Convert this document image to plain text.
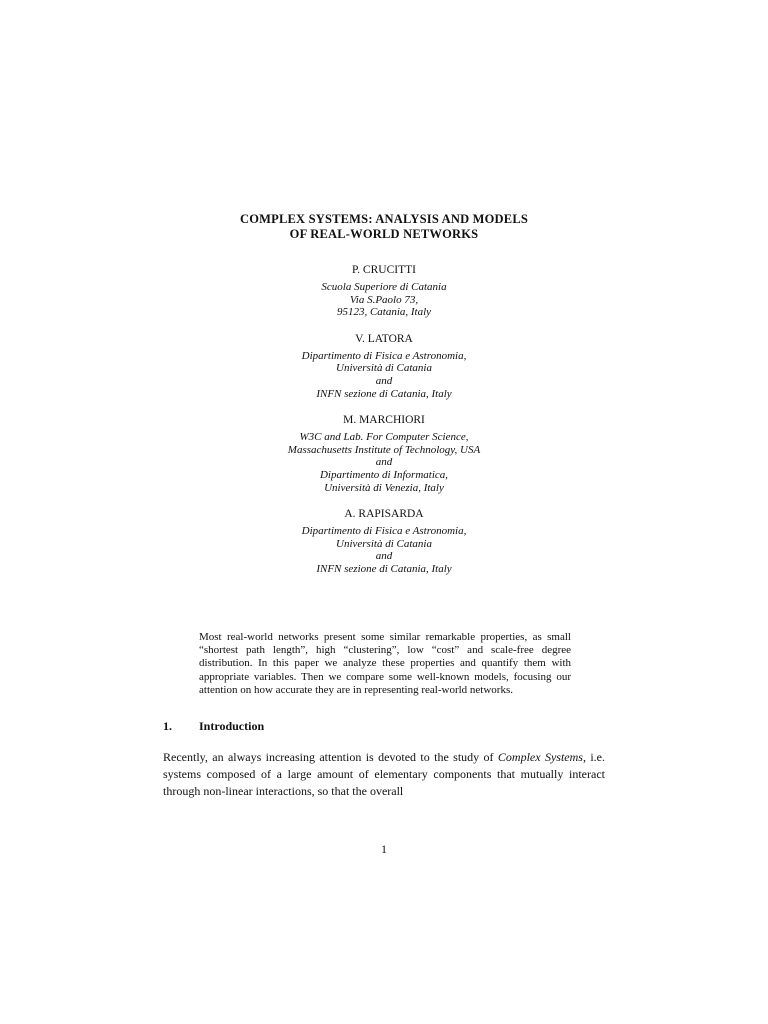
COMPLEX SYSTEMS: ANALYSIS AND MODELS
OF REAL-WORLD NETWORKS
P. CRUCITTI
Scuola Superiore di Catania
Via S.Paolo 73,
95123, Catania, Italy
V. LATORA
Dipartimento di Fisica e Astronomia,
Università di Catania
and
INFN sezione di Catania, Italy
M. MARCHIORI
W3C and Lab. For Computer Science,
Massachusetts Institute of Technology, USA
and
Dipartimento di Informatica,
Università di Venezia, Italy
A. RAPISARDA
Dipartimento di Fisica e Astronomia,
Università di Catania
and
INFN sezione di Catania, Italy
Most real-world networks present some similar remarkable properties, as small “shortest path length”, high “clustering”, low “cost” and scale-free degree distribution. In this paper we analyze these properties and quantify them with appropriate variables. Then we compare some well-known models, focusing our attention on how accurate they are in representing real-world networks.
1. Introduction
Recently, an always increasing attention is devoted to the study of Complex Systems, i.e. systems composed of a large amount of elementary components that mutually interact through non-linear interactions, so that the overall
1
